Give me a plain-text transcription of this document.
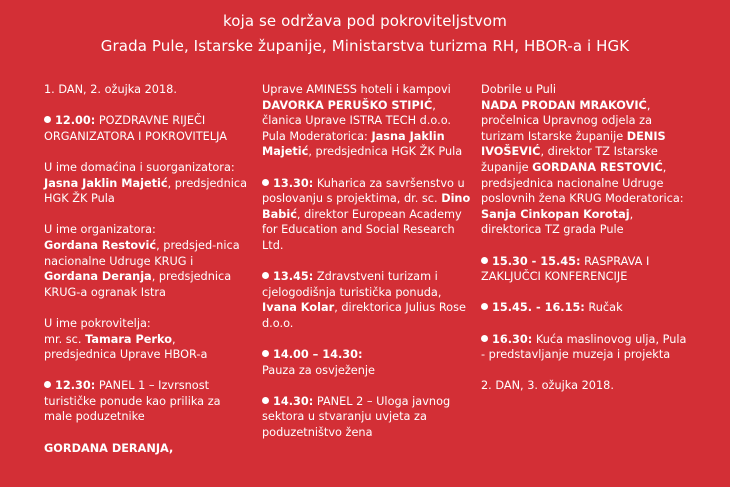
koja se održava pod pokroviteljstvom
Grada Pule, Istarske županije, Ministarstva turizma RH, HBOR-a i HGK
1. DAN, 2. ožujka 2018.

12.00: POZDRAVNE RIJEČI ORGANIZATORA I POKROVITELJA

U ime domaćina i suorganizatora:
Jasna Jaklin Majetić, predsjednica HGK ŽK Pula

U ime organizatora:
Gordana Restović, predsjed-nica nacionalne Udruge KRUG i Gordana Deranja, predsjednica KRUG-a ogranak Istra

U ime pokrovitelja:
mr. sc. Tamara Perko, predsjednica Uprave HBOR-a

12.30: PANEL 1 – Izvrsnost turističke ponude kao prilika za male poduzetnike

GORDANA DERANJA,

Uprave AMINESS hoteli i kampovi DAVORKA PERUŠKO STIPIĆ, članica Uprave ISTRA TECH d.o.o. Pula Moderatorica: Jasna Jaklin Majetić, predsjednica HGK ŽK Pula

13.30: Kuharica za savršenstvo u poslovanju s projektima, dr. sc. Dino Babić, direktor European Academy for Education and Social Research Ltd.

13.45: Zdravstveni turizam i cjelogodišnja turistička ponuda, Ivana Kolar, direktorica Julius Rose d.o.o.

14.00 – 14.30:
Pauza za osvježenje

14.30: PANEL 2 – Uloga javnog sektora u stvaranju uvjeta za poduzetništvo žena

Dobrile u Puli
NADA PRODAN MRAKOVIĆ, pročelnica Upravnog odjela za turizam Istarske županije DENIS IVOŠEVIĆ, direktor TZ Istarske županije GORDANA RESTOVIĆ, predsjednica nacionalne Udruge poslovnih žena KRUG Moderatorica: Sanja Cinkopan Korotaj, direktorica TZ grada Pule

15.30 - 15.45: RASPRAVA I ZAKLJUČCI KONFERENCIJE

15.45. - 16.15: Ručak

16.30: Kuća maslinovog ulja, Pula - predstavljanje muzeja i projekta

2. DAN, 3. ožujka 2018.
